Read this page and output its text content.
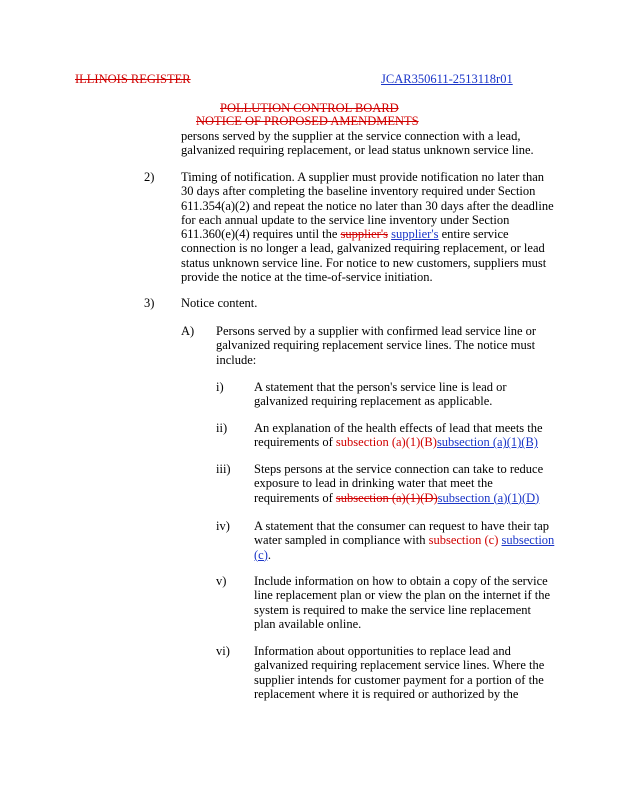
ILLINOIS REGISTER	JCAR350611-2513118r01
POLLUTION CONTROL BOARD
NOTICE OF PROPOSED AMENDMENTS
persons served by the supplier at the service connection with a lead,
galvanized requiring replacement, or lead status unknown service line.
2) Timing of notification. A supplier must provide notification no later than
30 days after completing the baseline inventory required under Section
611.354(a)(2) and repeat the notice no later than 30 days after the deadline
for each annual update to the service line inventory under Section
611.360(e)(4) requires until the supplier's supplier's entire service
connection is no longer a lead, galvanized requiring replacement, or lead
status unknown service line. For notice to new customers, suppliers must
provide the notice at the time-of-service initiation.
3) Notice content.
A) Persons served by a supplier with confirmed lead service line or
galvanized requiring replacement service lines. The notice must
include:
i) A statement that the person's service line is lead or
galvanized requiring replacement as applicable.
ii) An explanation of the health effects of lead that meets the
requirements of subsection (a)(1)(B)subsection (a)(1)(B)
iii) Steps persons at the service connection can take to reduce
exposure to lead in drinking water that meet the
requirements of subsection (a)(1)(D)subsection (a)(1)(D)
iv) A statement that the consumer can request to have their tap
water sampled in compliance with subsection (c) subsection
(c).
v) Include information on how to obtain a copy of the service
line replacement plan or view the plan on the internet if the
system is required to make the service line replacement
plan available online.
vi) Information about opportunities to replace lead and
galvanized requiring replacement service lines. Where the
supplier intends for customer payment for a portion of the
replacement where it is required or authorized by the
